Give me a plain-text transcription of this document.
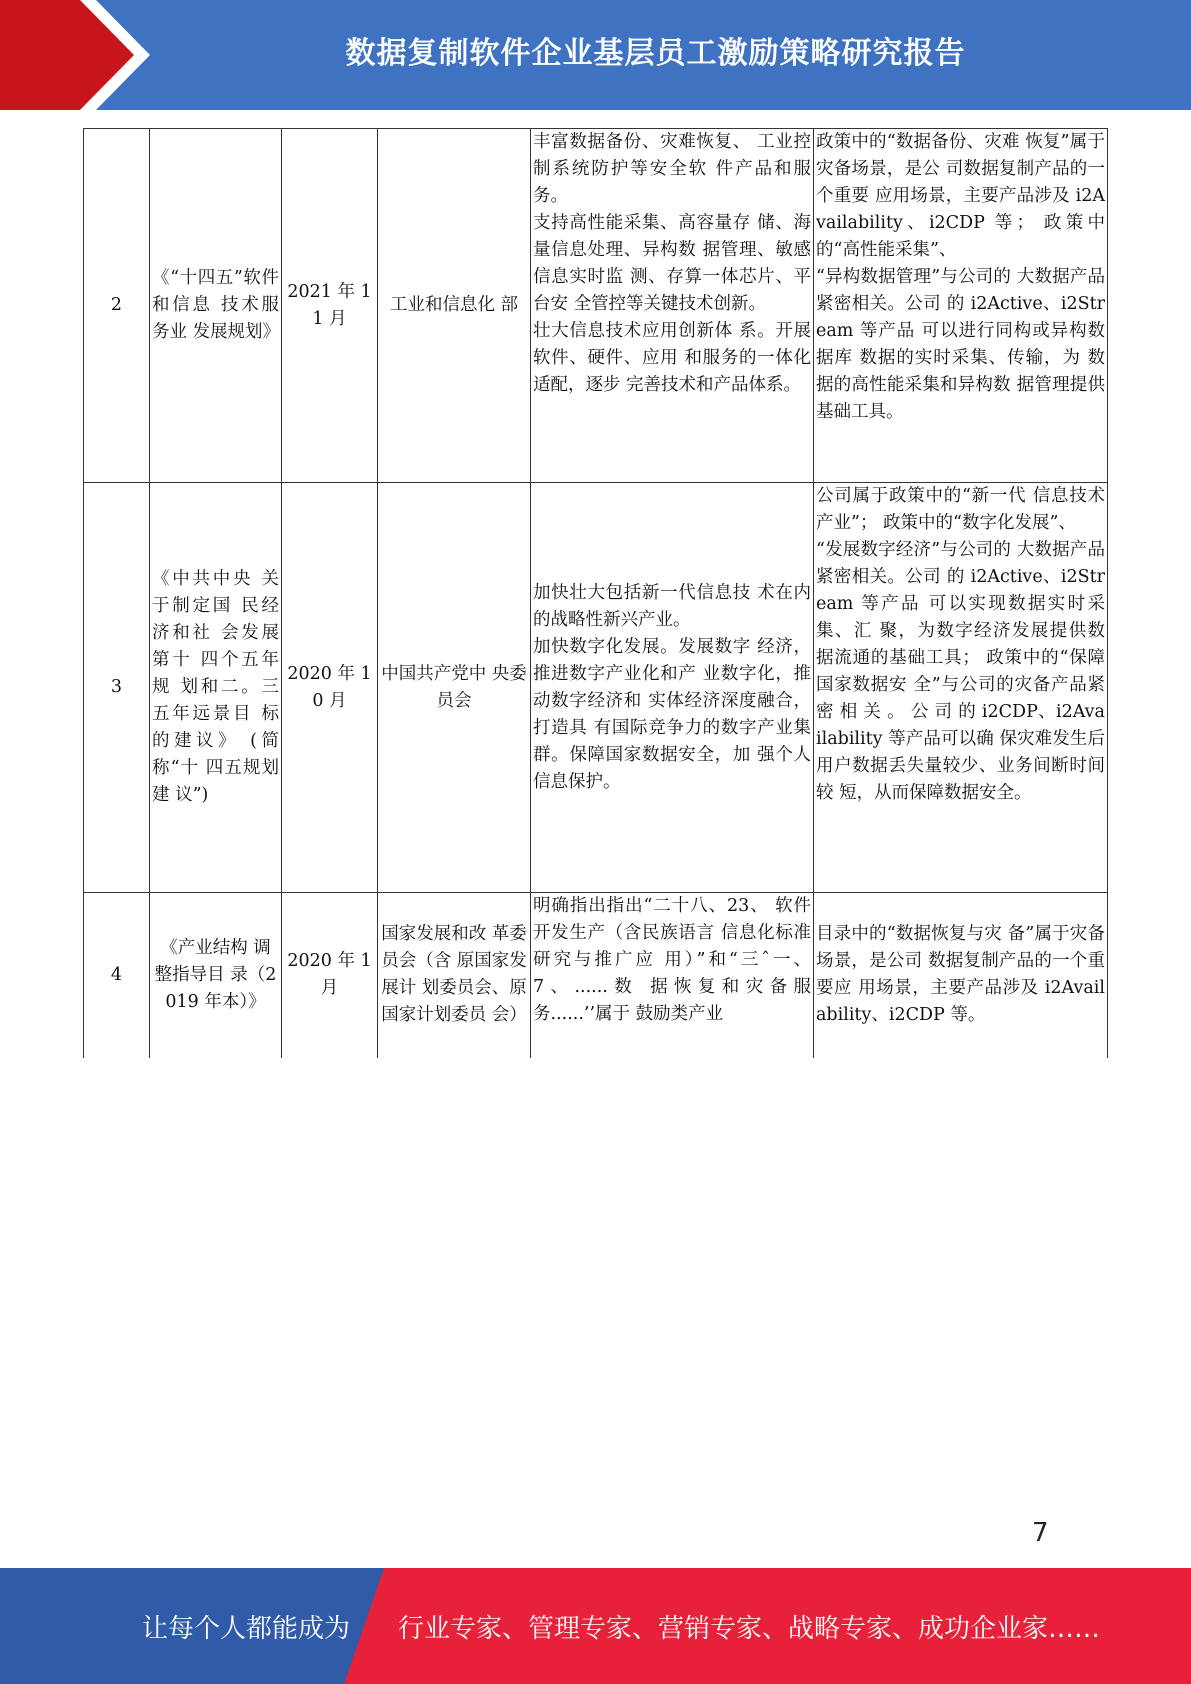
数据复制软件企业基层员工激励策略研究报告
2	《“十四五”软件和信息 技术服务业 发展规划》	2021 年 11 月	工业和信息化 部	丰富数据备份、灾难恢复、 工业控制系统防护等安全软 件产品和服务。
支持高性能采集、高容量存 储、海量信息处理、异构数 据管理、敏感信息实时监 测、存算一体芯片、平台安 全管控等关键技术创新。
壮大信息技术应用创新体 系。开展软件、硬件、应用 和服务的一体化适配，逐步 完善技术和产品体系。	政策中的“数据备份、灾难 恢复”属于灾备场景，是公 司数据复制产品的一个重要 应用场景，主要产品涉及 i2Availability、i2CDP 等； 政策中的“高性能采集”、
“异构数据管理”与公司的 大数据产品紧密相关。公司 的 i2Active、i2Stream 等产品 可以进行同构或异构数据库 数据的实时采集、传输，为 数据的高性能采集和异构数 据管理提供基础工具。

3	《中共中央 关于制定国 民经济和社 会发展第十 四个五年规 划和二。三五年远景目 标的建议》 (简称“十 四五规划建 议”)	2020 年 10 月	中国共产党中 央委员会	加快壮大包括新一代信息技 术在内的战略性新兴产业。
加快数字化发展。发展数字 经济，推进数字产业化和产 业数字化，推动数字经济和 实体经济深度融合，打造具 有国际竞争力的数字产业集 群。保障国家数据安全，加 强个人信息保护。	公司属于政策中的“新一代 信息技术产业”； 政策中的“数字化发展”、
“发展数字经济”与公司的 大数据产品紧密相关。公司 的 i2Active、i2Stream 等产品 可以实现数据实时采集、汇 聚，为数字经济发展提供数 据流通的基础工具； 政策中的“保障国家数据安 全”与公司的灾备产品紧密 相 关 。 公 司 的 i2CDP、i2Availability 等产品可以确 保灾难发生后用户数据丢失量较少、业务间断时间较 短，从而保障数据安全。

4	《产业结构 调整指导目 录（2019 年本）》	2020 年 1 月	国家发展和改 革委员会（含 原国家发展计 划委员会、原 国家计划委员 会）	明确指出指出“二十八、23、 软件开发生产（含民族语言 信息化标准研究与推广应 用）”和“三ˆ一、7、......数 据恢复和灾备服务......’’属于 鼓励类产业	目录中的“数据恢复与灾 备”属于灾备场景，是公司 数据复制产品的一个重要应 用场景，主要产品涉及 i2Availability、i2CDP 等。
7
让每个人都能成为 行业专家、管理专家、营销专家、战略专家、成功企业家……
